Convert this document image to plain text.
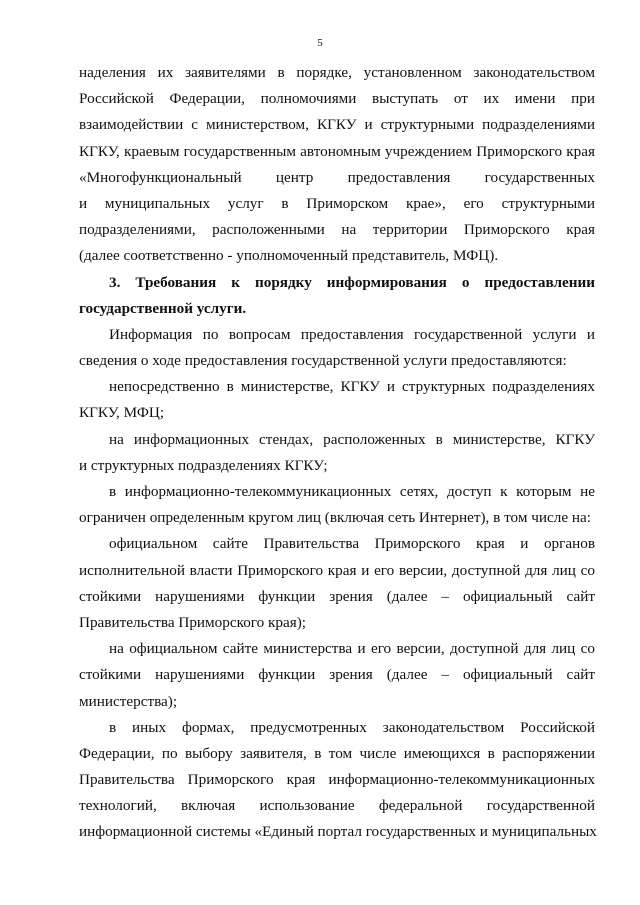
5
наделения их заявителями в порядке, установленном законодательством
Российской Федерации, полномочиями выступать от их имени при
взаимодействии с министерством, КГКУ и структурными подразделениями
КГКУ, краевым государственным автономным учреждением Приморского края
«Многофункциональный центр предоставления государственных
и муниципальных услуг в Приморском крае», его структурными
подразделениями, расположенными на территории Приморского края
(далее соответственно - уполномоченный представитель, МФЦ).
3. Требования к порядку информирования о предоставлении
государственной услуги.
Информация по вопросам предоставления государственной услуги и
сведения о ходе предоставления государственной услуги предоставляются:
непосредственно в министерстве, КГКУ и структурных подразделениях
КГКУ, МФЦ;
на информационных стендах, расположенных в министерстве, КГКУ
и структурных подразделениях КГКУ;
в информационно-телекоммуникационных сетях, доступ к которым не
ограничен определенным кругом лиц (включая сеть Интернет), в том числе на:
официальном сайте Правительства Приморского края и органов
исполнительной власти Приморского края и его версии, доступной для лиц со
стойкими нарушениями функции зрения (далее – официальный сайт
Правительства Приморского края);
на официальном сайте министерства и его версии, доступной для лиц со
стойкими нарушениями функции зрения (далее – официальный сайт
министерства);
в иных формах, предусмотренных законодательством Российской
Федерации, по выбору заявителя, в том числе имеющихся в распоряжении
Правительства Приморского края информационно-телекоммуникационных
технологий, включая использование федеральной государственной
информационной системы «Единый портал государственных и муниципальных
